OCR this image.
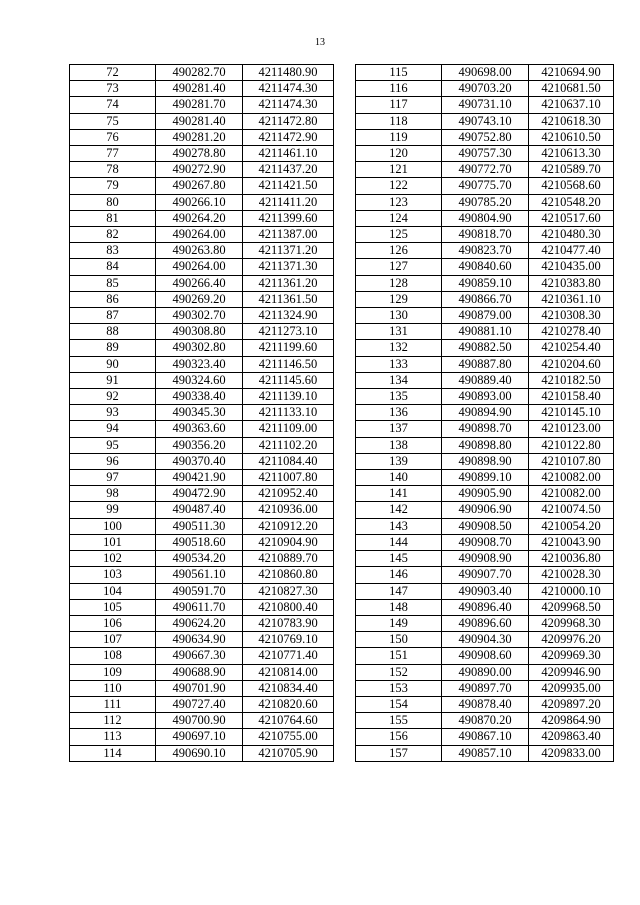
13
72	490282.70	4211480.90
73	490281.40	4211474.30
74	490281.70	4211474.30
75	490281.40	4211472.80
76	490281.20	4211472.90
77	490278.80	4211461.10
78	490272.90	4211437.20
79	490267.80	4211421.50
80	490266.10	4211411.20
81	490264.20	4211399.60
82	490264.00	4211387.00
83	490263.80	4211371.20
84	490264.00	4211371.30
85	490266.40	4211361.20
86	490269.20	4211361.50
87	490302.70	4211324.90
88	490308.80	4211273.10
89	490302.80	4211199.60
90	490323.40	4211146.50
91	490324.60	4211145.60
92	490338.40	4211139.10
93	490345.30	4211133.10
94	490363.60	4211109.00
95	490356.20	4211102.20
96	490370.40	4211084.40
97	490421.90	4211007.80
98	490472.90	4210952.40
99	490487.40	4210936.00
100	490511.30	4210912.20
101	490518.60	4210904.90
102	490534.20	4210889.70
103	490561.10	4210860.80
104	490591.70	4210827.30
105	490611.70	4210800.40
106	490624.20	4210783.90
107	490634.90	4210769.10
108	490667.30	4210771.40
109	490688.90	4210814.00
110	490701.90	4210834.40
111	490727.40	4210820.60
112	490700.90	4210764.60
113	490697.10	4210755.00
114	490690.10	4210705.90
115	490698.00	4210694.90
116	490703.20	4210681.50
117	490731.10	4210637.10
118	490743.10	4210618.30
119	490752.80	4210610.50
120	490757.30	4210613.30
121	490772.70	4210589.70
122	490775.70	4210568.60
123	490785.20	4210548.20
124	490804.90	4210517.60
125	490818.70	4210480.30
126	490823.70	4210477.40
127	490840.60	4210435.00
128	490859.10	4210383.80
129	490866.70	4210361.10
130	490879.00	4210308.30
131	490881.10	4210278.40
132	490882.50	4210254.40
133	490887.80	4210204.60
134	490889.40	4210182.50
135	490893.00	4210158.40
136	490894.90	4210145.10
137	490898.70	4210123.00
138	490898.80	4210122.80
139	490898.90	4210107.80
140	490899.10	4210082.00
141	490905.90	4210082.00
142	490906.90	4210074.50
143	490908.50	4210054.20
144	490908.70	4210043.90
145	490908.90	4210036.80
146	490907.70	4210028.30
147	490903.40	4210000.10
148	490896.40	4209968.50
149	490896.60	4209968.30
150	490904.30	4209976.20
151	490908.60	4209969.30
152	490890.00	4209946.90
153	490897.70	4209935.00
154	490878.40	4209897.20
155	490870.20	4209864.90
156	490867.10	4209863.40
157	490857.10	4209833.00
